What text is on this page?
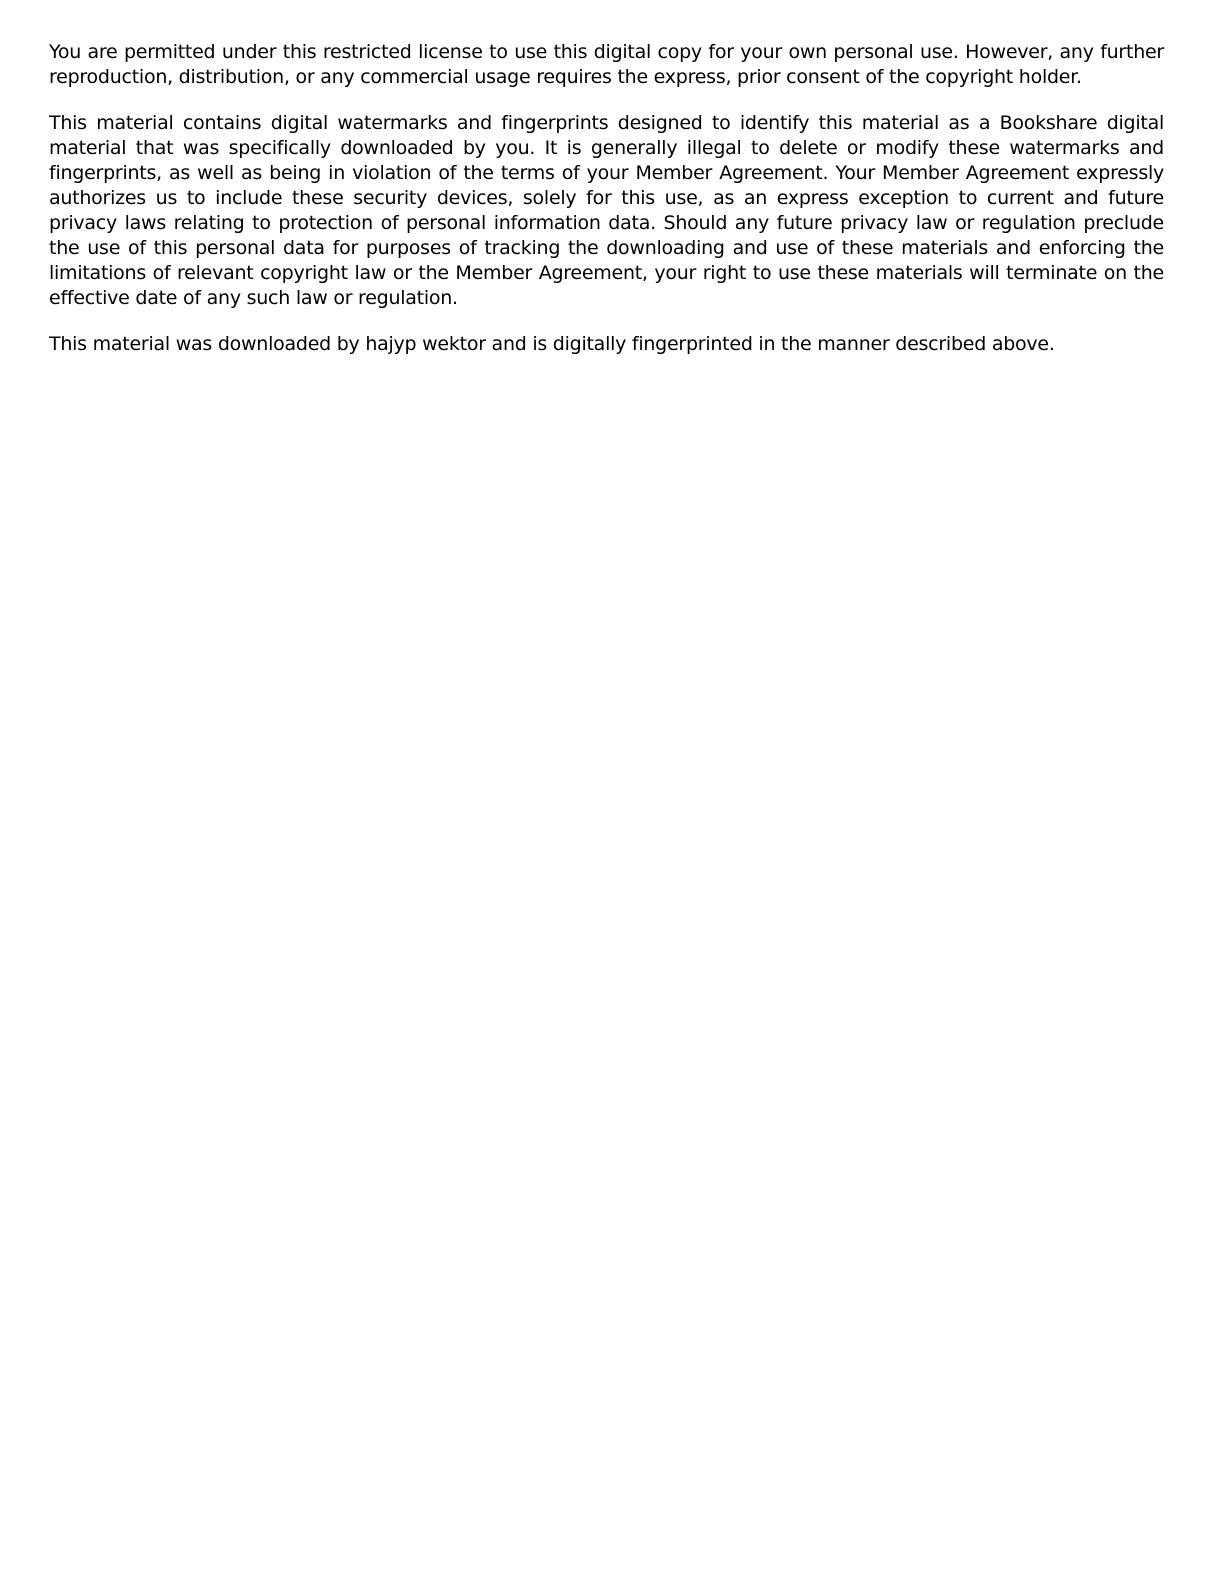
You are permitted under this restricted license to use this digital copy for your own personal use. However, any further reproduction, distribution, or any commercial usage requires the express, prior consent of the copyright holder.

This material contains digital watermarks and fingerprints designed to identify this material as a Bookshare digital material that was specifically downloaded by you. It is generally illegal to delete or modify these watermarks and fingerprints, as well as being in violation of the terms of your Member Agreement. Your Member Agreement expressly authorizes us to include these security devices, solely for this use, as an express exception to current and future privacy laws relating to protection of personal information data. Should any future privacy law or regulation preclude the use of this personal data for purposes of tracking the downloading and use of these materials and enforcing the limitations of relevant copyright law or the Member Agreement, your right to use these materials will terminate on the effective date of any such law or regulation.

This material was downloaded by hajyp wektor and is digitally fingerprinted in the manner described above.
